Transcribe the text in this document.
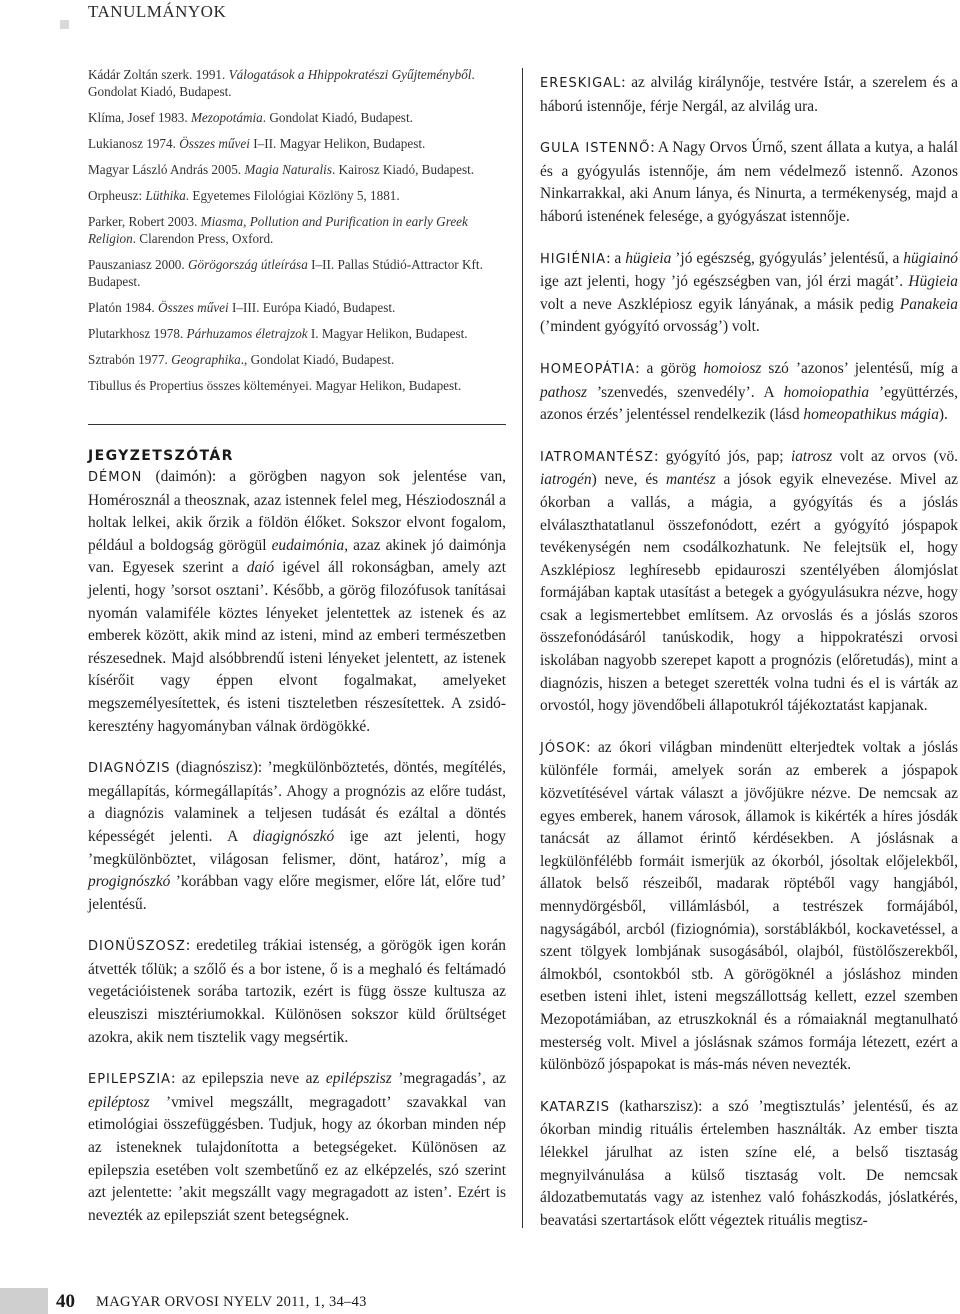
TANULMÁNYOK
Kádár Zoltán szerk. 1991. Válogatások a Hhippokratészi Gyűjteményből. Gondolat Kiadó, Budapest.
Klíma, Josef 1983. Mezopotámia. Gondolat Kiadó, Budapest.
Lukianosz 1974. Összes művei I–II. Magyar Helikon, Budapest.
Magyar László András 2005. Magia Naturalis. Kairosz Kiadó, Budapest.
Orpheusz: Lüthika. Egyetemes Filológiai Közlöny 5, 1881.
Parker, Robert 2003. Miasma, Pollution and Purification in early Greek Religion. Clarendon Press, Oxford.
Pauszaniasz 2000. Görögország útleírása I–II. Pallas Stúdió-Attractor Kft. Budapest.
Platón 1984. Összes művei I–III. Európa Kiadó, Budapest.
Plutarkhosz 1978. Párhuzamos életrajzok I. Magyar Helikon, Budapest.
Sztrabón 1977. Geographika., Gondolat Kiadó, Budapest.
Tibullus és Propertius összes költeményei. Magyar Helikon, Budapest.
JEGYZETSZÓTÁR
DÉMON (daimón): a görögben nagyon sok jelentése van, Homérosznál a theosznak, azaz istennek felel meg, Hésziodosznál a holtak lelkei, akik őrzik a földön élőket. Sokszor elvont fogalom, például a boldogság görögül eudaimónia, azaz akinek jó daimónja van. Egyesek szerint a daió igével áll rokonságban, amely azt jelenti, hogy ’sorsot osztani’. Később, a görög filozófusok tanításai nyomán valamiféle köztes lényeket jelentettek az istenek és az emberek között, akik mind az isteni, mind az emberi természetben részesednek. Majd alsóbbrendű isteni lényeket jelentett, az istenek kísérőit vagy éppen elvont fogalmakat, amelyeket megszemélyesítettek, és isteni tiszteletben részesítettek. A zsidó-keresztény hagyományban válnak ördögökké.
DIAGNÓZIS (diagnószisz): ’megkülönböztetés, döntés, megítélés, megállapítás, kórmegállapítás’. Ahogy a prognózis az előre tudást, a diagnózis valaminek a teljesen tudását és ezáltal a döntés képességét jelenti. A diagignószkó ige azt jelenti, hogy ’megkülönböztet, világosan felismer, dönt, határoz’, míg a progignószkó ’korábban vagy előre megismer, előre lát, előre tud’ jelentésű.
DIONÜSZOSZ: eredetileg trákiai istenség, a görögök igen korán átvették tőlük; a szőlő és a bor istene, ő is a meghaló és feltámadó vegetációistenek sorába tartozik, ezért is függ össze kultusza az eleusziszi misztériumokkal. Különösen sokszor küld őrültséget azokra, akik nem tisztelik vagy megsértik.
EPILEPSZIA: az epilepszia neve az epilépszisz ’megragadás’, az epiléptosz ’vmivel megszállt, megragadott’ szavakkal van etimológiai összefüggésben. Tudjuk, hogy az ókorban minden nép az isteneknek tulajdonította a betegségeket. Különösen az epilepszia esetében volt szembetűnő ez az elképzelés, szó szerint azt jelentette: ’akit megszállt vagy megragadott az isten’. Ezért is nevezték az epilepsziát szent betegségnek.
ERESKIGAL: az alvilág királynője, testvére Istár, a szerelem és a háború istennője, férje Nergál, az alvilág ura.
GULA ISTENNŐ: A Nagy Orvos Úrnő, szent állata a kutya, a halál és a gyógyulás istennője, ám nem védelmező istennő. Azonos Ninkarrakkal, aki Anum lánya, és Ninurta, a termékenység, majd a háború istenének felesége, a gyógyászat istennője.
HIGIÉNIA: a hügieia ’jó egészség, gyógyulás’ jelentésű, a hügiainó ige azt jelenti, hogy ’jó egészségben van, jól érzi magát’. Hügieia volt a neve Aszklépiosz egyik lányának, a másik pedig Panakeia (’mindent gyógyító orvosság’) volt.
HOMEOPÁTIA: a görög homoiosz szó ’azonos’ jelentésű, míg a pathosz ’szenvedés, szenvedély’. A homoiopathia ’együttérzés, azonos érzés’ jelentéssel rendelkezik (lásd homeopathikus mágia).
IATROMANTÉSZ: gyógyító jós, pap; iatrosz volt az orvos (vö. iatrogén) neve, és mantész a jósok egyik elnevezése. Mivel az ókorban a vallás, a mágia, a gyógyítás és a jóslás elválaszthatatlanul összefonódott, ezért a gyógyító jóspapok tevékenységén nem csodálkozhatunk. Ne felejtsük el, hogy Aszklépiosz leghíresebb epidauroszi szentélyében álomjóslat formájában kaptak utasítást a betegek a gyógyulásukra nézve, hogy csak a legismertebbet említsem. Az orvoslás és a jóslás szoros összefonódásáról tanúskodik, hogy a hippokratészi orvosi iskolában nagyobb szerepet kapott a prognózis (előretudás), mint a diagnózis, hiszen a beteget szerették volna tudni és el is várták az orvostól, hogy jövendőbeli állapotukról tájékoztatást kapjanak.
JÓSOK: az ókori világban mindenütt elterjedtek voltak a jóslás különféle formái, amelyek során az emberek a jóspapok közvetítésével vártak választ a jövőjükre nézve. De nemcsak az egyes emberek, hanem városok, államok is kikérték a híres jósdák tanácsát az államot érintő kérdésekben. A jóslásnak a legkülönfélébb formáit ismerjük az ókorból, jósoltak előjelekből, állatok belső részeiből, madarak röptéből vagy hangjából, mennydörgésből, villámlásból, a testrészek formájából, nagyságából, arcból (fiziognómia), sorstáblákból, kockavetéssel, a szent tölgyek lombjának susogásából, olajból, füstölőszerekből, álmokból, csontokból stb. A görögöknél a jósláshoz minden esetben isteni ihlet, isteni megszállottság kellett, ezzel szemben Mezopotámiában, az etruszkoknál és a rómaiaknál megtanulható mesterség volt. Mivel a jóslásnak számos formája létezett, ezért a különböző jóspapokat is más-más néven nevezték.
KATARZIS (katharszisz): a szó ’megtisztulás’ jelentésű, és az ókorban mindig rituális értelemben használták. Az ember tiszta lélekkel járulhat az isten színe elé, a belső tisztaság megnyilvánulása a külső tisztaság volt. De nemcsak áldozatbemutatás vagy az istenhez való fohászkodás, jóslatkérés, beavatási szertartások előtt végeztek rituális megtisz-
40 MAGYAR ORVOSI NYELV 2011, 1, 34–43
